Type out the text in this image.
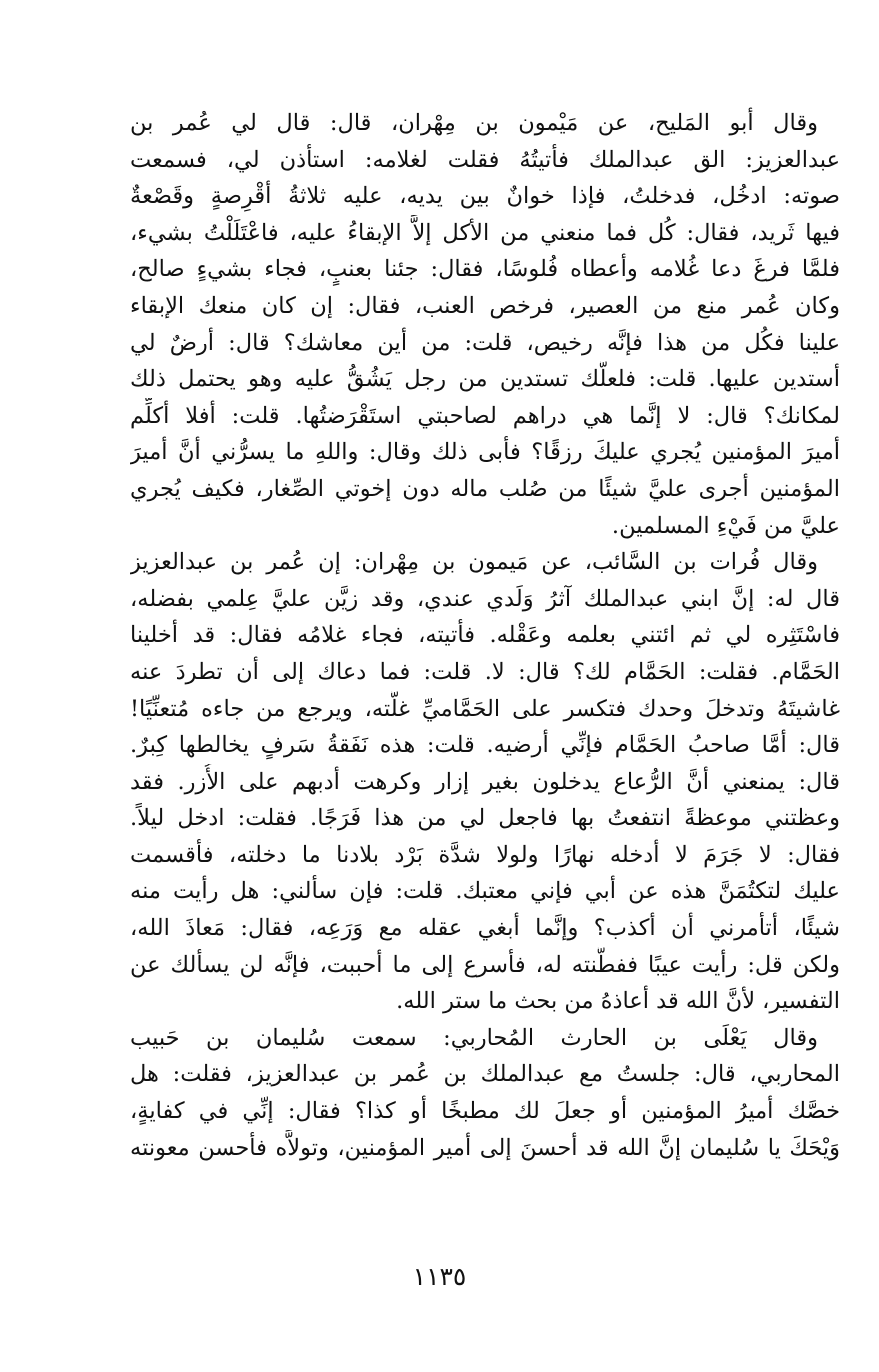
وقال أبو المَليح، عن مَيْمون بن مِهْران، قال: قال لي عُمر بن
عبدالعزيز: الق عبدالملك فأتيتُهُ فقلت لغلامه: استأذن لي، فسمعت
صوته: ادخُل، فدخلتُ، فإذا خوانٌ بين يديه، عليه ثلاثةُ أقْرِصةٍ وقَصْعةٌ
فيها ثَريد، فقال: كُل فما منعني من الأكل إلاَّ الإبقاءُ عليه، فاعْتَلَلْتُ بشيء،
فلمَّا فرغَ دعا غُلامه وأعطاه فُلوسًا، فقال: جئنا بعنبٍ، فجاء بشيءٍ صالح،
وكان عُمر منع من العصير، فرخص العنب، فقال: إن كان منعك الإبقاء
علينا فكُل من هذا فإنَّه رخيص، قلت: من أين معاشك؟ قال: أرضٌ لي
أستدين عليها. قلت: فلعلَّك تستدين من رجل يَشُقُّ عليه وهو يحتمل ذلك
لمكانك؟ قال: لا إنَّما هي دراهم لصاحبتي استَقْرَضتُها. قلت: أفلا أكلِّم
أميرَ المؤمنين يُجري عليكَ رزقًا؟ فأبى ذلك وقال: واللهِ ما يسرُّني أنَّ أميرَ
المؤمنين أجرى عليَّ شيئًا من صُلب ماله دون إخوتي الصِّغار، فكيف يُجري
عليَّ من فَيْءِ المسلمين.
وقال فُرات بن السَّائب، عن مَيمون بن مِهْران: إن عُمر بن عبدالعزيز
قال له: إنَّ ابني عبدالملك آثرُ وَلَدي عندي، وقد زيَّن عليَّ عِلمي بفضله،
فاسْتَثِره لي ثم ائتني بعلمه وعَقْله. فأتيته، فجاء غلامُه فقال: قد أخلينا
الحَمَّام. فقلت: الحَمَّام لك؟ قال: لا. قلت: فما دعاك إلى أن تطردَ عنه
غاشيتَهُ وتدخلَ وحدك فتكسر على الحَمَّاميِّ غلَّته، ويرجع من جاءه مُتعنِّيًا!
قال: أمَّا صاحبُ الحَمَّام فإنِّي أرضيه. قلت: هذه نَفَقةُ سَرفٍ يخالطها كِبرٌ.
قال: يمنعني أنَّ الرُّعاع يدخلون بغير إزار وكرهت أدبهم على الأُزر. فقد
وعظتني موعظةً انتفعتُ بها فاجعل لي من هذا فَرَجًا. فقلت: ادخل ليلاً.
فقال: لا جَرَمَ لا أدخله نهارًا ولولا شدَّة بَرْد بلادنا ما دخلته، فأقسمت
عليك لتكتُمَنَّ هذه عن أبي فإني معتبك. قلت: فإن سألني: هل رأيت منه
شيئًا، أتأمرني أن أكذب؟ وإنَّما أبغي عقله مع وَرَعِه، فقال: مَعاذَ الله،
ولكن قل: رأيت عيبًا ففطَّنته له، فأسرع إلى ما أحببت، فإنَّه لن يسألك عن
التفسير، لأنَّ الله قد أعاذهُ من بحث ما ستر الله.
وقال يَعْلَى بن الحارث المُحاربي: سمعت سُليمان بن حَبيب
المحاربي، قال: جلستُ مع عبدالملك بن عُمر بن عبدالعزيز، فقلت: هل
خصَّك أميرُ المؤمنين أو جعلَ لك مطبخًا أو كذا؟ فقال: إنِّي في كفايةٍ،
وَيْحَكَ يا سُليمان إنَّ الله قد أحسنَ إلى أمير المؤمنين، وتولاَّه فأحسن معونته
١١٣٥
